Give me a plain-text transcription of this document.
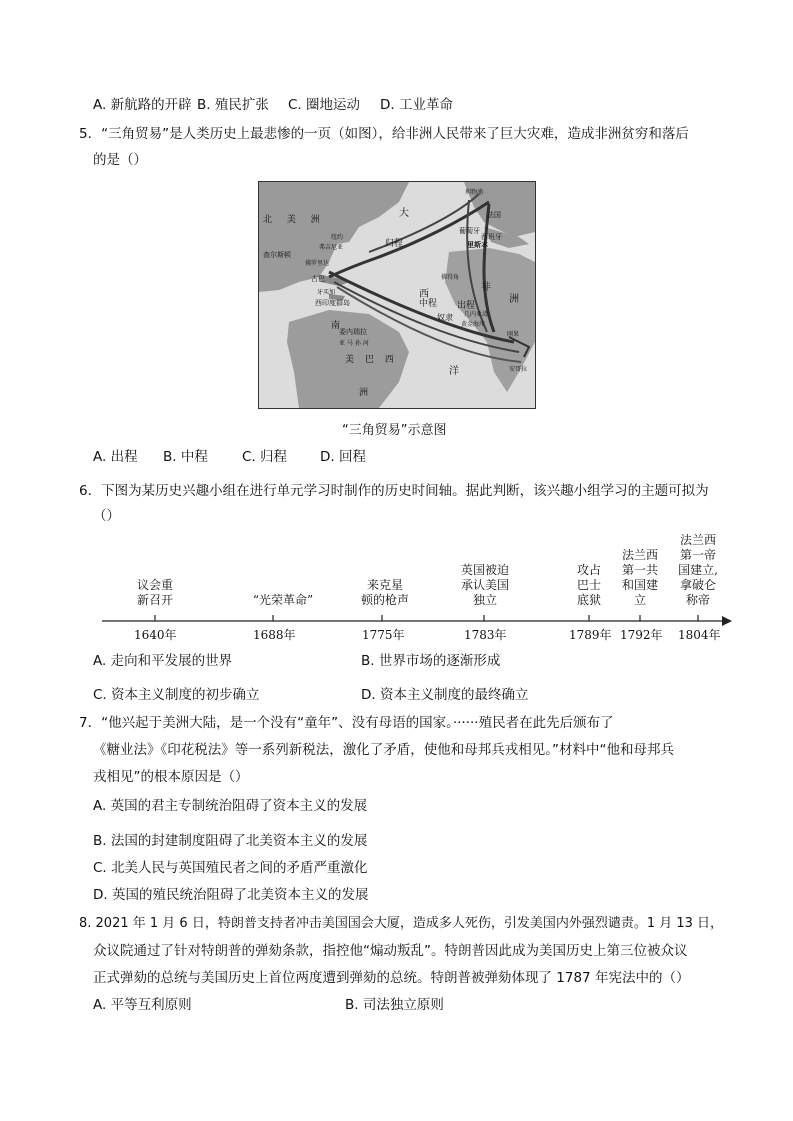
A. 新航路的开辟 B. 殖民扩张 C. 圈地运动 D. 工业革命
5．“三角贸易”是人类历史上最悲惨的一页（如图），给非洲人民带来了巨大灾难，造成非洲贫穷和落后
的是（）
北 美 洲
大
西
洋
南
美 巴 西
洲
非
洲
查尔斯顿
古巴
牙买加
西印度群岛
委内瑞拉
亚 马 孙 河
利物浦
法国
葡萄牙
西班牙
里斯本
佛得角
几内亚湾
黄金海岸
刚果
安哥拉
弗吉尼亚
纽约
佛罗里达
归程
中程 出程
奴隶
“三角贸易”示意图
A. 出程 B. 中程	C. 归程 D. 回程
6．下图为某历史兴趣小组在进行单元学习时制作的历史时间轴。据此判断，该兴趣小组学习的主题可拟为
（）
议会重
新召开	“光荣革命”
来克星
顿的枪声
英国被迫
承认美国
独立
攻占
巴士
底狱
法兰西
第一共
和国建
立
法兰西
第一帝
国建立,
拿破仑
称帝
1640年	1688年	1775年	1783年	1789年 1792年 1804年
A. 走向和平发展的世界	B. 世界市场的逐渐形成
C. 资本主义制度的初步确立	D. 资本主义制度的最终确立
7．“他兴起于美洲大陆，是一个没有“童年”、没有母语的国家。······殖民者在此先后颁布了
《糖业法》《印花税法》等一系列新税法，激化了矛盾，使他和母邦兵戎相见。”材料中“他和母邦兵
戎相见”的根本原因是（）
A. 英国的君主专制统治阻碍了资本主义的发展
B. 法国的封建制度阻碍了北美资本主义的发展
C. 北美人民与英国殖民者之间的矛盾严重激化
D. 英国的殖民统治阻碍了北美资本主义的发展
8. 2021 年 1 月 6 日，特朗普支持者冲击美国国会大厦，造成多人死伤，引发美国内外强烈谴责。1 月 13 日，
众议院通过了针对特朗普的弹劾条款，指控他“煽动叛乱”。特朗普因此成为美国历史上第三位被众议
正式弹劾的总统与美国历史上首位两度遭到弹劾的总统。特朗普被弹劾体现了 1787 年宪法中的（）
A. 平等互利原则	B. 司法独立原则
